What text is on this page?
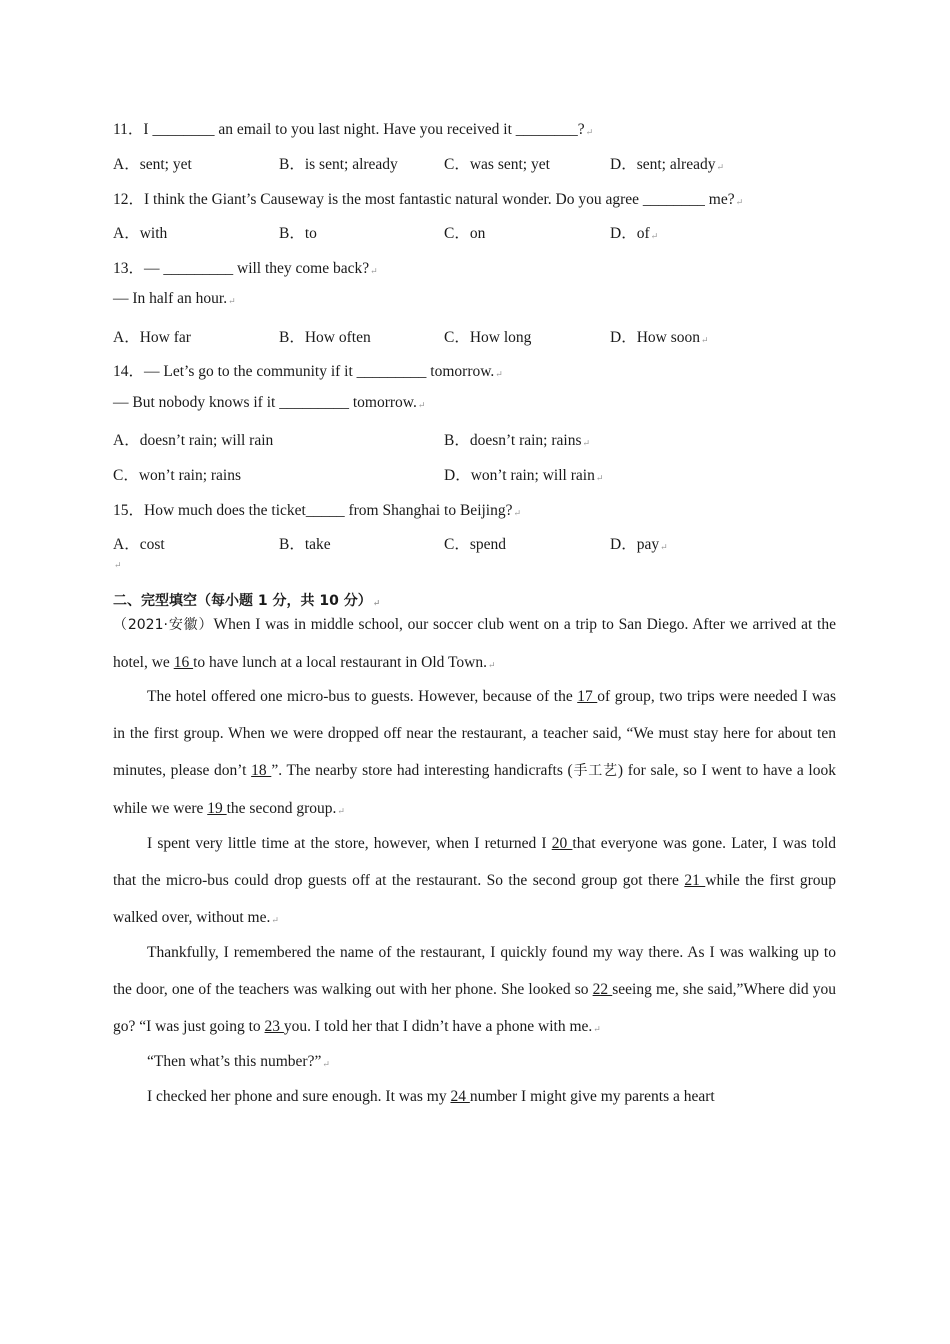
11．I ________ an email to you last night. Have you received it ________?↵
A．sent; yet	B．is sent; already	C．was sent; yet	D．sent; already↵
12．I think the Giant’s Causeway is the most fantastic natural wonder. Do you agree ________ me?↵
A．with	B．to	C．on	D．of↵
13．— _________ will they come back?↵
— In half an hour.↵
A．How far	B．How often	C．How long	D．How soon↵
14．— Let’s go to the community if it _________ tomorrow.↵
— But nobody knows if it _________ tomorrow.↵
A．doesn’t rain; will rain	B．doesn’t rain; rains↵
C．won’t rain; rains	D．won’t rain; will rain↵
15．How much does the ticket_____ from Shanghai to Beijing?↵
A．cost	B．take	C．spend	D．pay↵
↵
二、完型填空（每小题 1 分，共 10 分）↵
（2021·安徽）When I was in middle school, our soccer club went on a trip to San Diego. After we arrived at the hotel, we 16 to have lunch at a local restaurant in Old Town.↵
The hotel offered one micro-bus to guests. However, because of the 17 of group, two trips were needed I was in the first group. When we were dropped off near the restaurant, a teacher said, “We must stay here for about ten minutes, please don’t 18 ”. The nearby store had interesting handicrafts (手工艺) for sale, so I went to have a look while we were 19 the second group.↵
I spent very little time at the store, however, when I returned I 20 that everyone was gone. Later, I was told that the micro-bus could drop guests off at the restaurant. So the second group got there 21 while the first group walked over, without me.↵
Thankfully, I remembered the name of the restaurant, I quickly found my way there. As I was walking up to the door, one of the teachers was walking out with her phone. She looked so 22 seeing me, she said,”Where did you go? “I was just going to 23 you. I told her that I didn’t have a phone with me.↵
“Then what’s this number?”↵
I checked her phone and sure enough. It was my 24 number I might give my parents a heart
